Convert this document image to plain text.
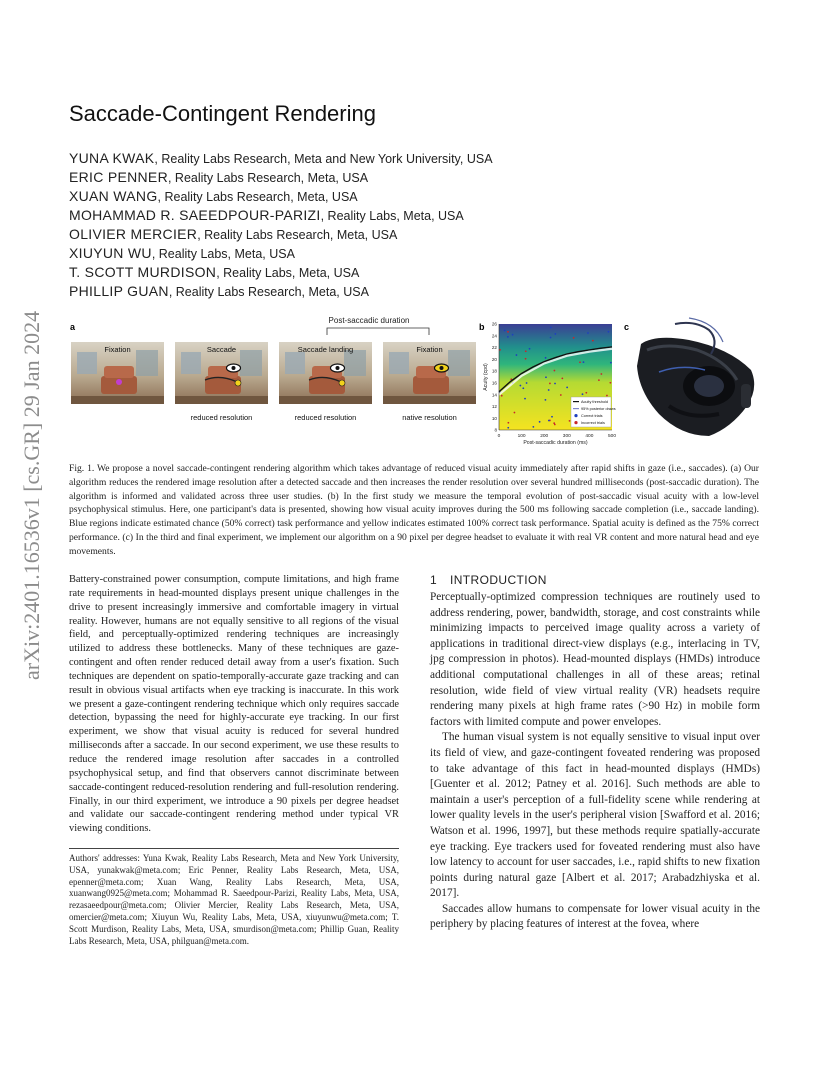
arXiv:2401.16536v1 [cs.GR] 29 Jan 2024
Saccade-Contingent Rendering
YUNA KWAK, Reality Labs Research, Meta and New York University, USA
ERIC PENNER, Reality Labs Research, Meta, USA
XUAN WANG, Reality Labs Research, Meta, USA
MOHAMMAD R. SAEEDPOUR-PARIZI, Reality Labs, Meta, USA
OLIVIER MERCIER, Reality Labs Research, Meta, USA
XIUYUN WU, Reality Labs, Meta, USA
T. SCOTT MURDISON, Reality Labs, Meta, USA
PHILLIP GUAN, Reality Labs Research, Meta, USA
a
Post-saccadic duration
Fixation	Saccade
reduced resolution
Saccade landing
reduced resolution
Fixation
native resolution
b
0	100	200	300	400	500
8
10
12
14
16
18
20
22
24
26
Post-saccadic duration (ms)
Acuity (cpd)
Acuity threshold
95% posterior draws
Correct trials
Incorrect trials
c

Fig. 1. We propose a novel saccade-contingent rendering algorithm which takes advantage of reduced visual acuity immediately after rapid shifts in gaze (i.e., saccades). (a) Our algorithm reduces the rendered image resolution after a detected saccade and then increases the render resolution over several hundred milliseconds (post-saccadic duration). The algorithm is informed and validated across three user studies. (b) In the first study we measure the temporal evolution of post-saccadic visual acuity with a low-level psychophysical stimulus. Here, one participant's data is presented, showing how visual acuity improves during the 500 ms following saccade completion (i.e., saccade landing). Blue regions indicate estimated chance (50% correct) task performance and yellow indicates estimated 100% correct task performance. Spatial acuity is defined as the 75% correct performance. (c) In the third and final experiment, we implement our algorithm on a 90 pixel per degree headset to evaluate it with real VR content and more natural head and eye movements.

Battery-constrained power consumption, compute limitations, and high frame rate requirements in head-mounted displays present unique challenges in the drive to present increasingly immersive and comfortable imagery in virtual reality. However, humans are not equally sensitive to all regions of the visual field, and perceptually-optimized rendering techniques are increasingly utilized to address these bottlenecks. Many of these techniques are gaze-contingent and often render reduced detail away from a user's fixation. Such techniques are dependent on spatio-temporally-accurate gaze tracking and can result in obvious visual artifacts when eye tracking is inaccurate. In this work we present a gaze-contingent rendering technique which only requires saccade detection, bypassing the need for highly-accurate eye tracking. In our first experiment, we show that visual acuity is reduced for several hundred milliseconds after a saccade. In our second experiment, we use these results to reduce the rendered image resolution after saccades in a controlled psychophysical setup, and find that observers cannot discriminate between saccade-contingent reduced-resolution rendering and full-resolution rendering. Finally, in our third experiment, we introduce a 90 pixels per degree headset and validate our saccade-contingent rendering method under typical VR viewing conditions.

Authors' addresses: Yuna Kwak, Reality Labs Research, Meta and New York University, USA, yunakwak@meta.com; Eric Penner, Reality Labs Research, Meta, USA, epenner@meta.com; Xuan Wang, Reality Labs Research, Meta, USA, xuanwang0925@meta.com; Mohammad R. Saeedpour-Parizi, Reality Labs, Meta, USA, rezasaeedpour@meta.com; Olivier Mercier, Reality Labs Research, Meta, USA, omercier@meta.com; Xiuyun Wu, Reality Labs, Meta, USA, xiuyunwu@meta.com; T. Scott Murdison, Reality Labs, Meta, USA, smurdison@meta.com; Phillip Guan, Reality Labs Research, Meta, USA, philguan@meta.com.

1 INTRODUCTION

Perceptually-optimized compression techniques are routinely used to address rendering, power, bandwidth, storage, and cost constraints while minimizing impacts to perceived image quality across a variety of applications in traditional direct-view displays (e.g., interlacing in TV, jpg compression in photos). Head-mounted displays (HMDs) introduce additional computational challenges in all of these areas; retinal resolution, wide field of view virtual reality (VR) headsets require rendering many pixels at high frame rates (>90 Hz) in mobile form factors with limited compute and power envelopes.

The human visual system is not equally sensitive to visual input over its field of view, and gaze-contingent foveated rendering was proposed to take advantage of this fact in head-mounted displays (HMDs) [Guenter et al. 2012; Patney et al. 2016]. Such methods are able to maintain a user's perception of a full-fidelity scene while rendering at lower quality levels in the user's peripheral vision [Swafford et al. 2016; Watson et al. 1996, 1997], but these methods require spatially-accurate eye tracking. Eye trackers used for foveated rendering must also have low latency to account for user saccades, i.e., rapid shifts to new fixation points during natural gaze [Albert et al. 2017; Arabadzhiyska et al. 2017].

Saccades allow humans to compensate for lower visual acuity in the periphery by placing features of interest at the fovea, where
